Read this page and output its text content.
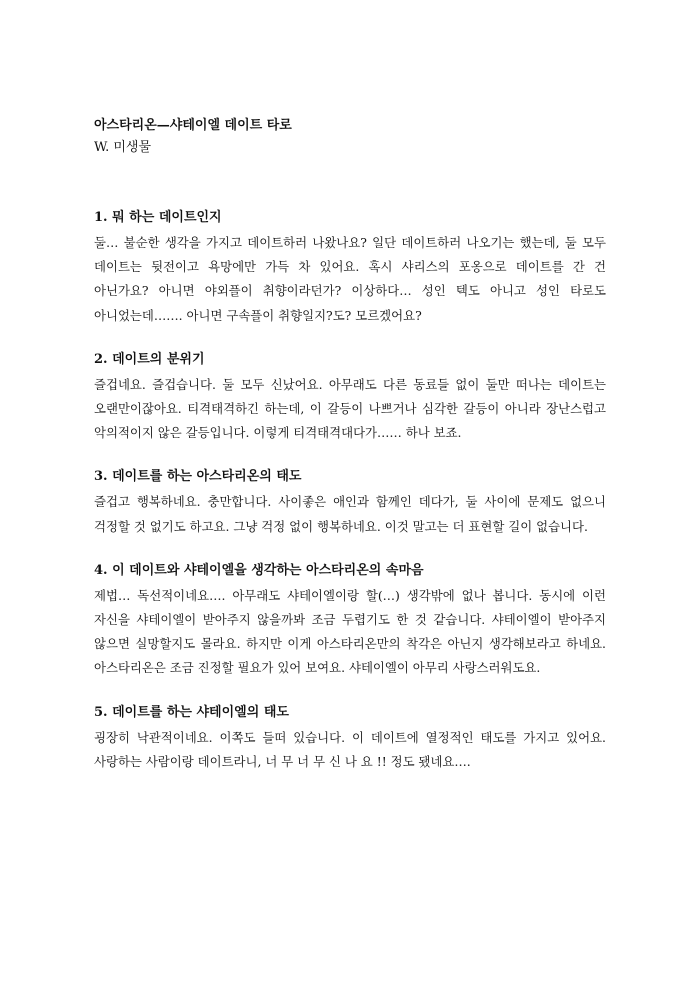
아스타리온—샤테이엘 데이트 타로

W. 미생물

1. 뭐 하는 데이트인지

둘… 불순한 생각을 가지고 데이트하러 나왔나요? 일단 데이트하러 나오기는 했는데, 둘 모두 데이트는 뒷전이고 욕망에만 가득 차 있어요. 혹시 샤리스의 포옹으로 데이트를 간 건 아닌가요? 아니면 야외플이 취향이라던가? 이상하다… 성인 텍도 아니고 성인 타로도 아니었는데……. 아니면 구속플이 취향일지?도? 모르겠어요?

2. 데이트의 분위기

즐겁네요. 즐겁습니다. 둘 모두 신났어요. 아무래도 다른 동료들 없이 둘만 떠나는 데이트는 오랜만이잖아요. 티격태격하긴 하는데, 이 갈등이 나쁘거나 심각한 갈등이 아니라 장난스럽고 악의적이지 않은 갈등입니다. 이렇게 티격태격대다가…… 하나 보죠.

3. 데이트를 하는 아스타리온의 태도

즐겁고 행복하네요. 충만합니다. 사이좋은 애인과 함께인 데다가, 둘 사이에 문제도 없으니 걱정할 것 없기도 하고요. 그냥 걱정 없이 행복하네요. 이것 말고는 더 표현할 길이 없습니다.

4. 이 데이트와 샤테이엘을 생각하는 아스타리온의 속마음

제법… 독선적이네요…. 아무래도 샤테이엘이랑 할(…) 생각밖에 없나 봅니다. 동시에 이런 자신을 샤테이엘이 받아주지 않을까봐 조금 두렵기도 한 것 같습니다. 샤테이엘이 받아주지 않으면 실망할지도 몰라요. 하지만 이게 아스타리온만의 착각은 아닌지 생각해보라고 하네요. 아스타리온은 조금 진정할 필요가 있어 보여요. 샤테이엘이 아무리 사랑스러워도요.

5. 데이트를 하는 샤테이엘의 태도

굉장히 낙관적이네요. 이쪽도 들떠 있습니다. 이 데이트에 열정적인 태도를 가지고 있어요. 사랑하는 사람이랑 데이트라니, 너 무 너 무 신 나 요 !! 정도 됐네요….
